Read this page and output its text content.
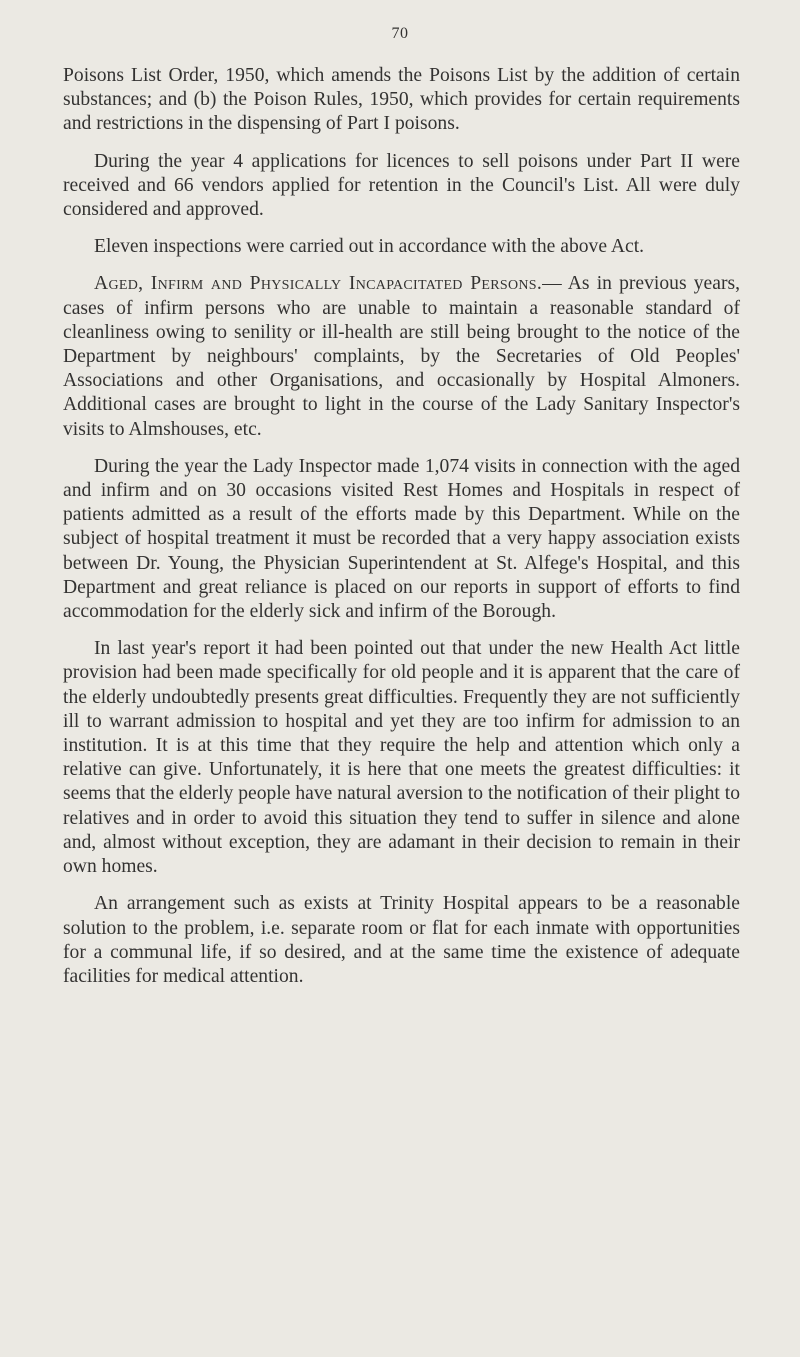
70

Poisons List Order, 1950, which amends the Poisons List by the addition of certain substances; and (b) the Poison Rules, 1950, which provides for certain requirements and restrictions in the dispensing of Part I poisons.

During the year 4 applications for licences to sell poisons under Part II were received and 66 vendors applied for retention in the Council's List. All were duly considered and approved.

Eleven inspections were carried out in accordance with the above Act.

Aged, Infirm and Physically Incapacitated Persons.— As in previous years, cases of infirm persons who are unable to maintain a reasonable standard of cleanliness owing to senility or ill-health are still being brought to the notice of the Department by neighbours' complaints, by the Secretaries of Old Peoples' Associations and other Organisations, and occasionally by Hospital Almoners. Additional cases are brought to light in the course of the Lady Sanitary Inspector's visits to Almshouses, etc.

During the year the Lady Inspector made 1,074 visits in connection with the aged and infirm and on 30 occasions visited Rest Homes and Hospitals in respect of patients admitted as a result of the efforts made by this Department. While on the subject of hospital treatment it must be recorded that a very happy association exists between Dr. Young, the Physician Superintendent at St. Alfege's Hospital, and this Department and great reliance is placed on our reports in support of efforts to find accommodation for the elderly sick and infirm of the Borough.

In last year's report it had been pointed out that under the new Health Act little provision had been made specifically for old people and it is apparent that the care of the elderly undoubtedly presents great difficulties. Frequently they are not sufficiently ill to warrant admission to hospital and yet they are too infirm for admission to an institution. It is at this time that they require the help and attention which only a relative can give. Unfortunately, it is here that one meets the greatest difficulties: it seems that the elderly people have natural aversion to the notification of their plight to relatives and in order to avoid this situation they tend to suffer in silence and alone and, almost without exception, they are adamant in their decision to remain in their own homes.

An arrangement such as exists at Trinity Hospital appears to be a reasonable solution to the problem, i.e. separate room or flat for each inmate with opportunities for a communal life, if so desired, and at the same time the existence of adequate facilities for medical attention.
